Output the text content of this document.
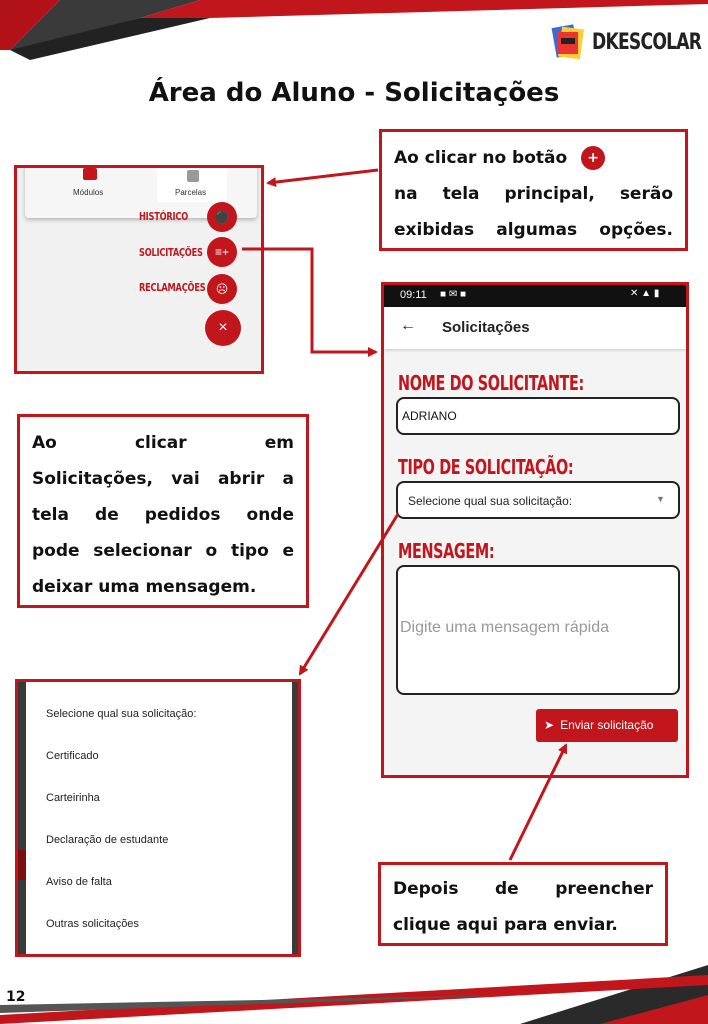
DKESCOLAR
Área do Aluno - Solicitações
Ao clicar no botão +
na tela principal, serão
exibidas algumas opções.
Módulos	Parcelas
HISTÓRICO	⚫
SOLICITAÇÕES	≡+
RECLAMAÇÕES ☹
×
Ao clicar em
Solicitações, vai abrir a
tela de pedidos onde
pode selecionar o tipo e
deixar uma mensagem.
09:11 ■ ✉ ■	✕ ▲ ▮
← Solicitações
NOME DO SOLICITANTE:
ADRIANO
TIPO DE SOLICITAÇÃO:
Selecione qual sua solicitação:	▼
MENSAGEM:
Digite uma mensagem rápida
➤ Enviar solicitação
Selecione qual sua solicitação:
Certificado
Carteirinha
Declaração de estudante
Aviso de falta
Outras solicitações
Depois de preencher
clique aqui para enviar.
12
